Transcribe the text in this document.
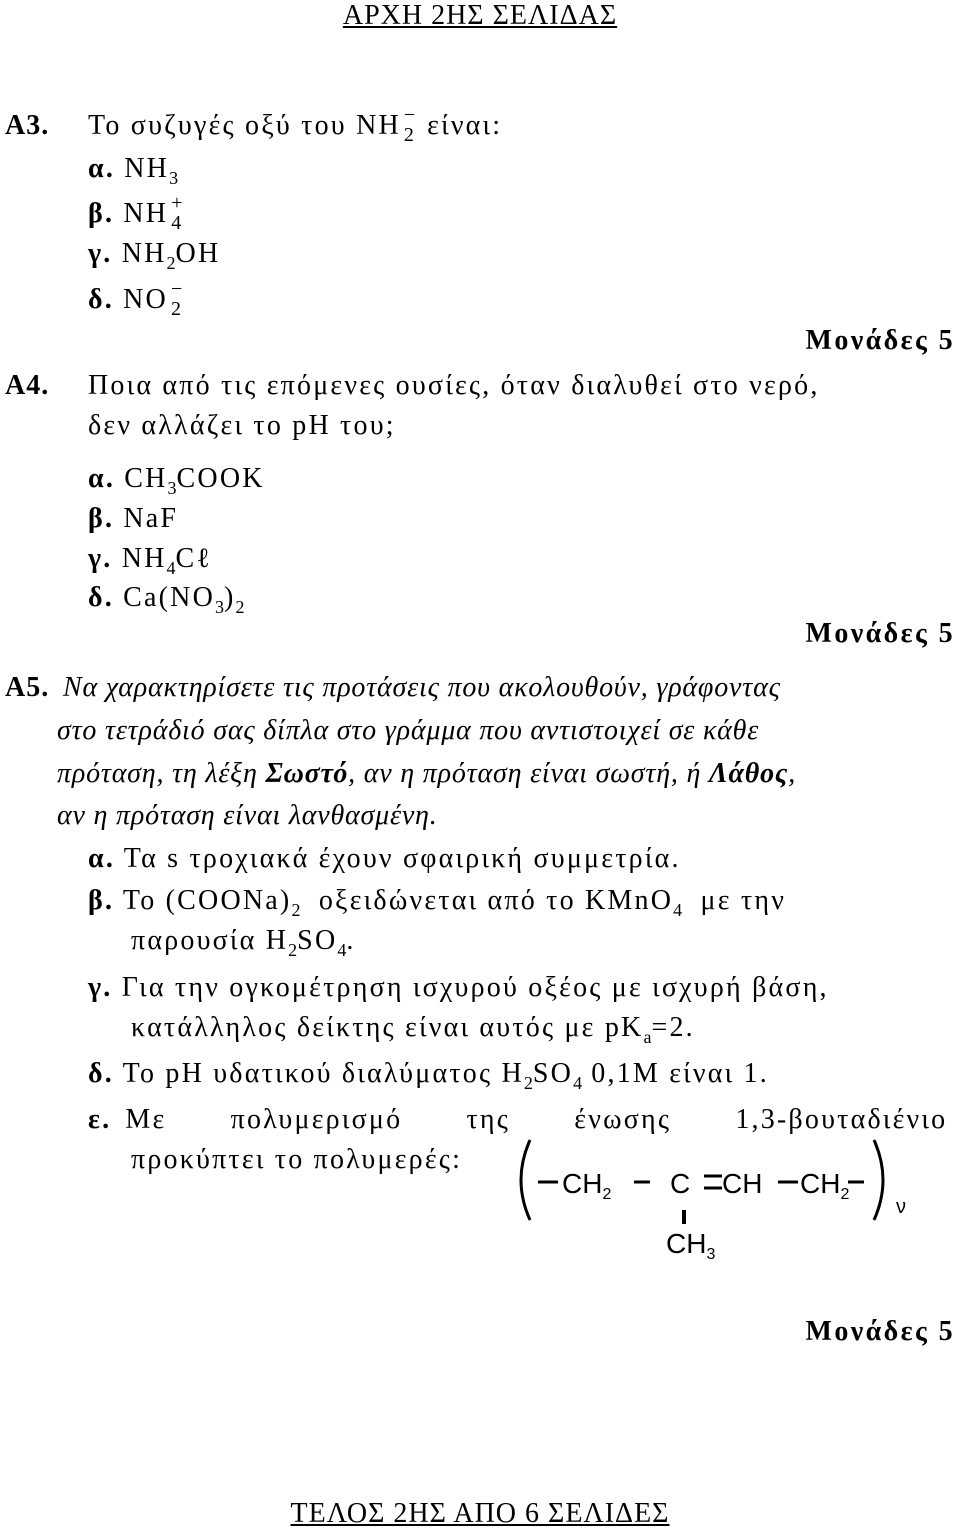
ΑΡΧΗ 2ΗΣ ΣΕΛΙΔΑΣ
Α3. Το συζυγές οξύ του ΝΗ −
2 είναι:
α. $NH_3$
β. NH +
4
γ. $NH_2OH$
δ. NO −
2
Μονάδες 5
Α4. Ποια από τις επόμενες ουσίες, όταν διαλυθεί στο νερό,
δεν αλλάζει το pH του;
α. $CH_3COOK$
β. NaF
γ. $NH_4C\ell$
δ. $Ca(NO_3)_2$
Μονάδες 5
Α5. Να χαρακτηρίσετε τις προτάσεις που ακολουθούν, γράφοντας
στο τετράδιό σας δίπλα στο γράμμα που αντιστοιχεί σε κάθε
πρόταση, τη λέξη Σωστό, αν η πρόταση είναι σωστή, ή Λάθος,
αν η πρόταση είναι λανθασμένη.
α. Τα s τροχιακά έχουν σφαιρική συμμετρία.
β. Το $(COONa)_2$ οξειδώνεται από το KMnO$_4$ με την
παρουσία $H_2SO_4$.
γ. Για την ογκομέτρηση ισχυρού οξέος με ισχυρή βάση,
κατάλληλος δείκτης είναι αυτός με $pK_a=2$.
δ. Το pH υδατικού διαλύματος $H_2SO_4$ 0,1M είναι 1.
ε. Με πολυμερισμό της ένωσης 1,3-βουταδιένιο
προκύπτει το πολυμερές:
$CH_2$ C CH $CH_2$
ν
$CH_3$
Μονάδες 5
ΤΕΛΟΣ 2ΗΣ ΑΠΟ 6 ΣΕΛΙΔΕΣ
